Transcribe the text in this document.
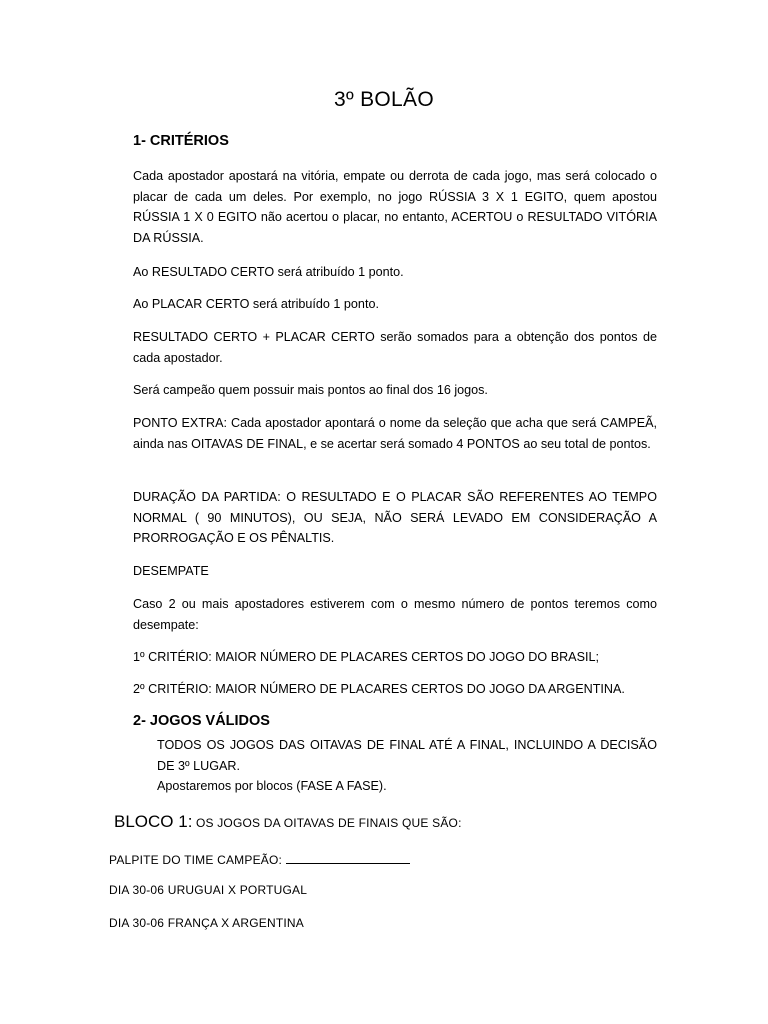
3º BOLÃO
1- CRITÉRIOS
Cada apostador apostará na vitória, empate ou derrota de cada jogo, mas será colocado o placar de cada um deles. Por exemplo, no jogo RÚSSIA 3 X 1 EGITO, quem apostou RÚSSIA 1 X 0 EGITO não acertou o placar, no entanto, ACERTOU o RESULTADO VITÓRIA DA RÚSSIA.
Ao RESULTADO CERTO será atribuído 1 ponto.
Ao PLACAR CERTO será atribuído 1 ponto.
RESULTADO CERTO + PLACAR CERTO serão somados para a obtenção dos pontos de cada apostador.
Será campeão quem possuir mais pontos ao final dos 16 jogos.
PONTO EXTRA: Cada apostador apontará o nome da seleção que acha que será CAMPEÃ, ainda nas OITAVAS DE FINAL, e se acertar será somado 4 PONTOS ao seu total de pontos.
DURAÇÃO DA PARTIDA: O RESULTADO E O PLACAR SÃO REFERENTES AO TEMPO NORMAL ( 90 MINUTOS), OU SEJA, NÃO SERÁ LEVADO EM CONSIDERAÇÃO A PRORROGAÇÃO E OS PÊNALTIS.
DESEMPATE
Caso 2 ou mais apostadores estiverem com o mesmo número de pontos teremos como desempate:
1º CRITÉRIO: MAIOR NÚMERO DE PLACARES CERTOS DO JOGO DO BRASIL;
2º CRITÉRIO: MAIOR NÚMERO DE PLACARES CERTOS DO JOGO DA ARGENTINA.
2- JOGOS VÁLIDOS
TODOS OS JOGOS DAS OITAVAS DE FINAL ATÉ A FINAL, INCLUINDO A DECISÃO DE 3º LUGAR.
Apostaremos por blocos (FASE A FASE).
BLOCO 1: OS JOGOS DA OITAVAS DE FINAIS QUE SÃO:
PALPITE DO TIME CAMPEÃO:
DIA 30-06 URUGUAI X PORTUGAL
DIA 30-06 FRANÇA X ARGENTINA
